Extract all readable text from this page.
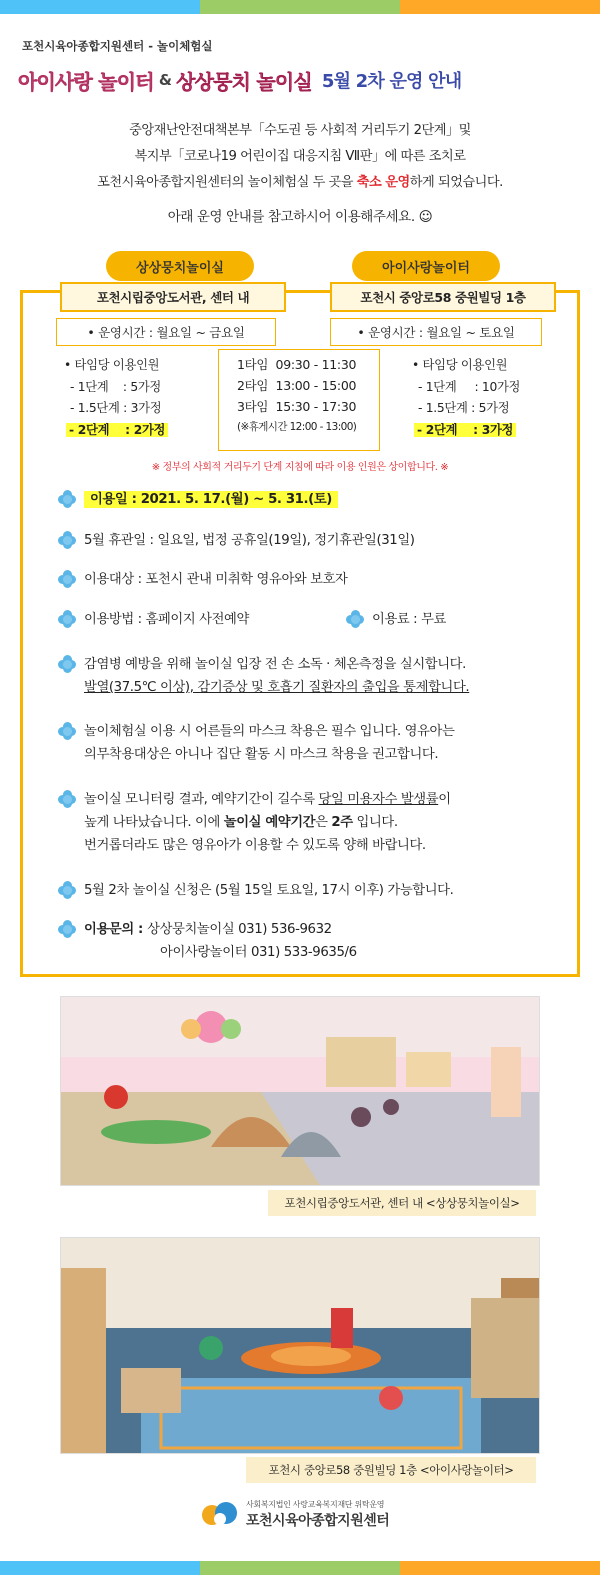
포천시육아종합지원센터 - 놀이체험실
아이사랑 놀이터 & 상상뭉치 놀이실 5월 2차 운영 안내
중앙재난안전대책본부「수도권 등 사회적 거리두기 2단계」및
복지부「코로나19 어린이집 대응지침 Ⅶ판」에 따른 조치로
포천시육아종합지원센터의 놀이체험실 두 곳을 축소 운영하게 되었습니다.
아래 운영 안내를 참고하시어 이용해주세요. ☺
상상뭉치놀이실	아이사랑놀이터
포천시립중앙도서관, 센터 내	포천시 중앙로58 중원빌딩 1층
• 운영시간 : 월요일 ~ 금요일	• 운영시간 : 월요일 ~ 토요일
• 타임당 이용인원
- 1단계    : 5가정
- 1.5단계 : 3가정
- 2단계    : 2가정
1타임  09:30 - 11:30
2타임  13:00 - 15:00
3타임  15:30 - 17:30
(※휴게시간 12:00 - 13:00)
• 타임당 이용인원
- 1단계     : 10가정
- 1.5단계 : 5가정
- 2단계    : 3가정
※ 정부의 사회적 거리두기 단계 지침에 따라 이용 인원은 상이합니다. ※
이용일 : 2021. 5. 17.(월) ~ 5. 31.(토)
5월 휴관일 : 일요일, 법정 공휴일(19일), 정기휴관일(31일)
이용대상 : 포천시 관내 미취학 영유아와 보호자
이용방법 : 홈페이지 사전예약	이용료 : 무료
감염병 예방을 위해 놀이실 입장 전 손 소독 · 체온측정을 실시합니다.
발열(37.5℃ 이상), 감기증상 및 호흡기 질환자의 출입을 통제합니다.
놀이체험실 이용 시 어른들의 마스크 착용은 필수 입니다. 영유아는
의무착용대상은 아니나 집단 활동 시 마스크 착용을 권고합니다.
놀이실 모니터링 결과, 예약기간이 길수록 당일 미용자수 발생률이
높게 나타났습니다. 이에 놀이실 예약기간은 2주 입니다.
번거롭더라도 많은 영유아가 이용할 수 있도록 양해 바랍니다.
5월 2차 놀이실 신청은 (5월 15일 토요일, 17시 이후) 가능합니다.
이용문의 : 상상뭉치놀이실 031) 536-9632
아이사랑놀이터 031) 533-9635/6
포천시립중앙도서관, 센터 내 <상상뭉치놀이실>
포천시 중앙로58 중원빌딩 1층 <아이사랑놀이터>
사회복지법인 사랑교육복지재단 위탁운영
포천시육아종합지원센터
